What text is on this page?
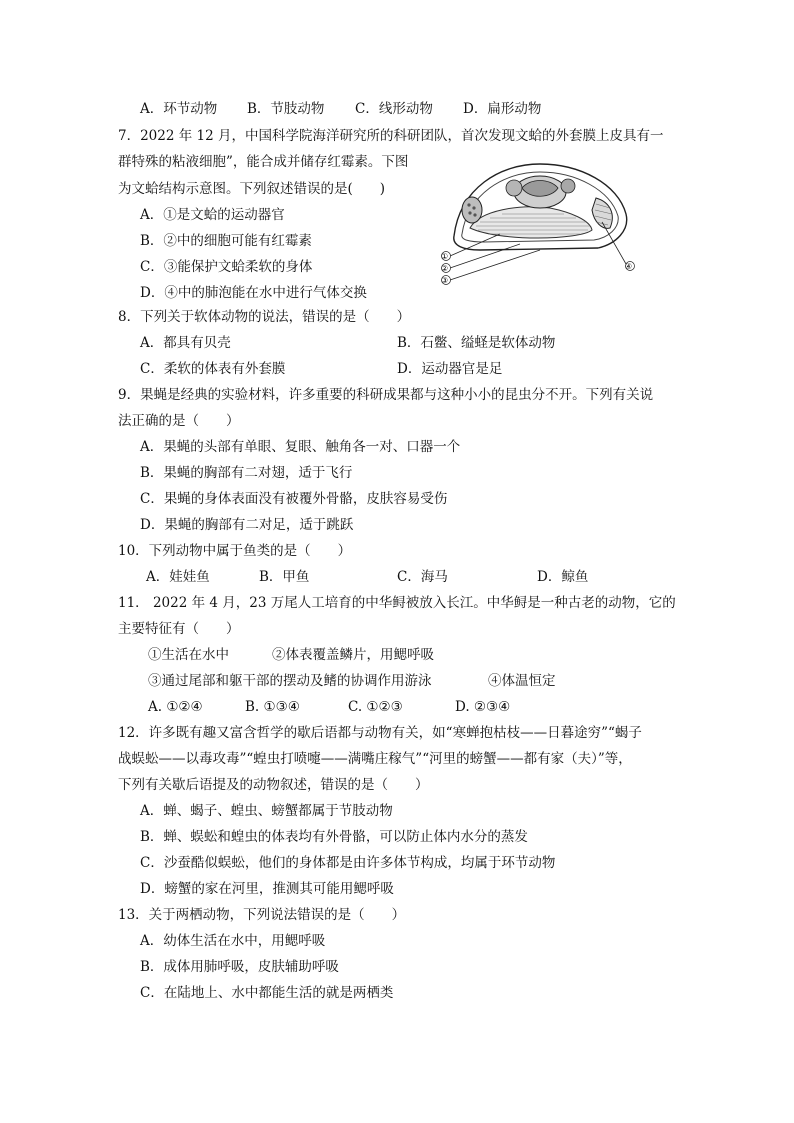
A．环节动物 B．节肢动物 C．线形动物 D．扁形动物
7．2022 年 12 月，中国科学院海洋研究所的科研团队，首次发现文蛤的外套膜上皮具有一
群特殊的粘液细胞”，能合成并储存红霉素。下图
为文蛤结构示意图。下列叙述错误的是(　　)
A．①是文蛤的运动器官
B．②中的细胞可能有红霉素
C．③能保护文蛤柔软的身体
D．④中的肺泡能在水中进行气体交换
①
②
③
④
8．下列关于软体动物的说法，错误的是（　　）
A．都具有贝壳	B．石鳖、缢蛏是软体动物
C．柔软的体表有外套膜	D．运动器官是足
9．果蝇是经典的实验材料，许多重要的科研成果都与这种小小的昆虫分不开。下列有关说
法正确的是（　　）
A．果蝇的头部有单眼、复眼、触角各一对、口器一个
B．果蝇的胸部有二对翅，适于飞行
C．果蝇的身体表面没有被覆外骨骼，皮肤容易受伤
D．果蝇的胸部有二对足，适于跳跃
10．下列动物中属于鱼类的是（　　）
A．娃娃鱼	B．甲鱼	C．海马	D．鲸鱼
11． 2022 年 4 月，23 万尾人工培育的中华鲟被放入长江。中华鲟是一种古老的动物，它的
主要特征有（　　）
①生活在水中	②体表覆盖鳞片，用鳃呼吸
③通过尾部和躯干部的摆动及鳍的协调作用游泳	④体温恒定
A. ①②④	B. ①③④	C. ①②③	D. ②③④
12．许多既有趣又富含哲学的歇后语都与动物有关，如“寒蝉抱枯枝——日暮途穷”“蝎子
战蜈蚣——以毒攻毒”“蝗虫打喷嚏——满嘴庄稼气”“河里的螃蟹——都有家（夫）”等，
下列有关歇后语提及的动物叙述，错误的是（　　）
A．蝉、蝎子、蝗虫、螃蟹都属于节肢动物
B．蝉、蜈蚣和蝗虫的体表均有外骨骼，可以防止体内水分的蒸发
C．沙蚕酷似蜈蚣，他们的身体都是由许多体节构成，均属于环节动物
D．螃蟹的家在河里，推测其可能用鳃呼吸
13．关于两栖动物，下列说法错误的是（　　）
A．幼体生活在水中，用鳃呼吸
B．成体用肺呼吸，皮肤辅助呼吸
C．在陆地上、水中都能生活的就是两栖类
